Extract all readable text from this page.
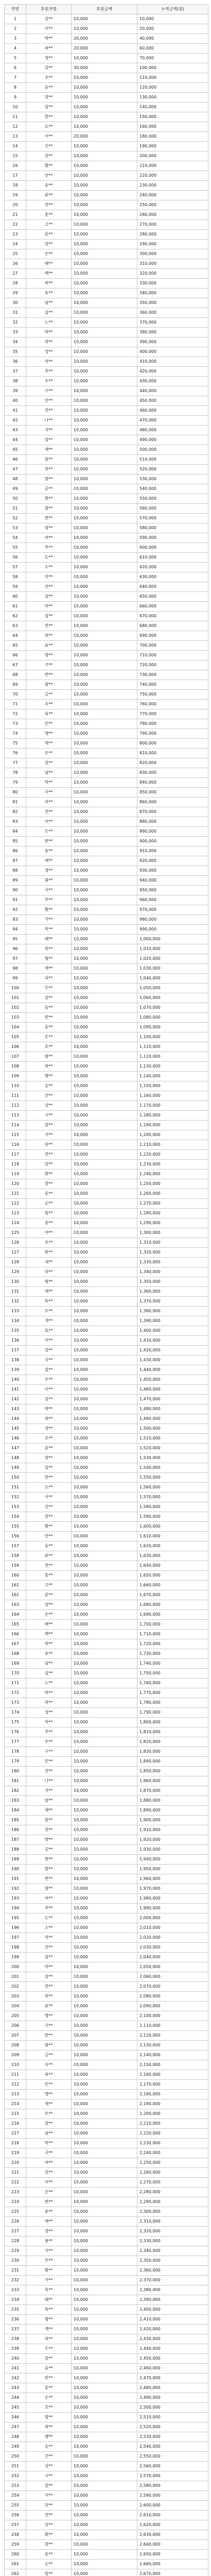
연번	후원자명	후원금액	누적금액(원)
1	김**	10,000	10,000
2	이**	10,000	20,000
3	박**	20,000	40,000
4	최**	20,000	60,000
5	정**	10,000	70,000
6	강**	30,000	100,000
7	조**	10,000	110,000
8	윤**	10,000	120,000
9	장**	10,000	130,000
10	임**	10,000	140,000
11	한**	10,000	150,000
12	오**	10,000	160,000
13	서**	20,000	180,000
14	신**	10,000	190,000
15	권**	10,000	200,000
16	황**	10,000	210,000
17	안**	10,000	220,000
18	송**	10,000	230,000
19	류**	10,000	240,000
20	전**	10,000	250,000
21	홍**	10,000	260,000
22	고**	10,000	270,000
23	문**	10,000	280,000
24	양**	10,000	290,000
25	손**	10,000	300,000
26	배**	10,000	310,000
27	백**	10,000	320,000
28	허**	10,000	330,000
29	유**	10,000	340,000
30	남**	10,000	350,000
31	심**	10,000	360,000
32	노**	10,000	370,000
33	하**	10,000	380,000
34	곽**	10,000	390,000
35	성**	10,000	400,000
36	차**	10,000	410,000
37	주**	10,000	420,000
38	우**	10,000	430,000
39	구**	10,000	440,000
40	민**	10,000	450,000
41	진**	10,000	460,000
42	나**	10,000	470,000
43	지**	10,000	480,000
44	엄**	10,000	490,000
45	채**	10,000	500,000
46	원**	10,000	510,000
47	천**	10,000	520,000
48	방**	10,000	530,000
49	공**	10,000	540,000
50	현**	10,000	550,000
51	함**	10,000	560,000
52	변**	10,000	570,000
53	염**	10,000	580,000
54	여**	10,000	590,000
55	추**	10,000	600,000
56	도**	10,000	610,000
57	소**	10,000	620,000
58	석**	10,000	630,000
59	선**	10,000	640,000
60	설**	10,000	650,000
61	마**	10,000	660,000
62	길**	10,000	670,000
63	연**	10,000	680,000
64	위**	10,000	690,000
65	표**	10,000	700,000
66	명**	10,000	710,000
67	기**	10,000	720,000
68	반**	10,000	730,000
69	왕**	10,000	740,000
70	금**	10,000	750,000
71	옥**	10,000	760,000
72	육**	10,000	770,000
73	인**	10,000	780,000
74	맹**	10,000	790,000
75	제**	10,000	800,000
76	모**	10,000	810,000
77	장**	10,000	820,000
78	남**	10,000	830,000
79	탁**	10,000	840,000
80	국**	10,000	850,000
81	여**	10,000	860,000
82	진**	10,000	870,000
83	어**	10,000	880,000
84	은**	10,000	890,000
85	편**	10,000	900,000
86	용**	10,000	910,000
87	예**	10,000	920,000
88	경**	10,000	930,000
89	봉**	10,000	940,000
90	사**	10,000	950,000
91	부**	10,000	960,000
92	황**	10,000	970,000
93	가**	10,000	980,000
94	복**	10,000	990,000
95	태**	10,000	1,000,000
96	목**	10,000	1,010,000
97	형**	10,000	1,020,000
98	계**	10,000	1,030,000
99	피**	10,000	1,040,000
100	두**	10,000	1,050,000
101	감**	10,000	1,060,000
102	음**	10,000	1,070,000
103	빈**	10,000	1,080,000
104	동**	10,000	1,090,000
105	온**	10,000	1,100,000
106	호**	10,000	1,110,000
107	범**	10,000	1,120,000
108	좌**	10,000	1,130,000
109	팽**	10,000	1,140,000
110	승**	10,000	1,150,000
111	간**	10,000	1,160,000
112	상**	10,000	1,170,000
113	시**	10,000	1,180,000
114	갈**	10,000	1,190,000
115	서**	10,000	1,200,000
116	단**	10,000	1,210,000
117	견**	10,000	1,220,000
118	당**	10,000	1,230,000
119	화**	10,000	1,240,000
120	창**	10,000	1,250,000
121	옹**	10,000	1,260,000
122	순**	10,000	1,270,000
123	빙**	10,000	1,280,000
124	종**	10,000	1,290,000
125	야**	10,000	1,300,000
126	초**	10,000	1,310,000
127	판**	10,000	1,320,000
128	내**	10,000	1,330,000
129	라**	10,000	1,340,000
130	평**	10,000	1,350,000
131	애**	10,000	1,360,000
132	독**	10,000	1,370,000
133	로**	10,000	1,380,000
134	개**	10,000	1,390,000
135	묘**	10,000	1,400,000
136	어**	10,000	1,410,000
137	강**	10,000	1,420,000
138	국**	10,000	1,430,000
139	설**	10,000	1,440,000
140	우**	10,000	1,450,000
141	이**	10,000	1,460,000
142	김**	10,000	1,470,000
143	박**	10,000	1,480,000
144	최**	10,000	1,490,000
145	정**	10,000	1,500,000
146	조**	10,000	1,510,000
147	윤**	10,000	1,520,000
148	장**	10,000	1,530,000
149	임**	10,000	1,540,000
150	한**	10,000	1,550,000
151	오**	10,000	1,560,000
152	서**	10,000	1,570,000
153	신**	10,000	1,580,000
154	권**	10,000	1,590,000
155	황**	10,000	1,600,000
156	안**	10,000	1,610,000
157	송**	10,000	1,620,000
158	류**	10,000	1,630,000
159	전**	10,000	1,640,000
160	홍**	10,000	1,650,000
161	고**	10,000	1,660,000
162	문**	10,000	1,670,000
163	양**	10,000	1,680,000
164	손**	10,000	1,690,000
165	배**	10,000	1,700,000
166	백**	10,000	1,710,000
167	허**	10,000	1,720,000
168	유**	10,000	1,730,000
169	남**	10,000	1,740,000
170	심**	10,000	1,750,000
171	노**	10,000	1,760,000
172	하**	10,000	1,770,000
173	곽**	10,000	1,780,000
174	성**	10,000	1,790,000
175	차**	10,000	1,800,000
176	주**	10,000	1,810,000
177	우**	10,000	1,820,000
178	구**	10,000	1,830,000
179	민**	10,000	1,840,000
180	진**	10,000	1,850,000
181	나**	10,000	1,860,000
182	지**	10,000	1,870,000
183	엄**	10,000	1,880,000
184	채**	10,000	1,890,000
185	원**	10,000	1,900,000
186	천**	10,000	1,910,000
187	방**	10,000	1,920,000
188	공**	10,000	1,930,000
189	현**	10,000	1,940,000
190	함**	10,000	1,950,000
191	변**	10,000	1,960,000
192	염**	10,000	1,970,000
193	여**	10,000	1,980,000
194	추**	10,000	1,990,000
195	도**	10,000	2,000,000
196	소**	10,000	2,010,000
197	석**	10,000	2,020,000
198	선**	10,000	2,030,000
199	설**	10,000	2,040,000
200	마**	10,000	2,050,000
201	길**	10,000	2,060,000
202	연**	10,000	2,070,000
203	위**	10,000	2,080,000
204	표**	10,000	2,090,000
205	명**	10,000	2,100,000
206	기**	10,000	2,110,000
207	반**	10,000	2,120,000
208	왕**	10,000	2,130,000
209	금**	10,000	2,140,000
210	옥**	10,000	2,150,000
211	육**	10,000	2,160,000
212	인**	10,000	2,170,000
213	맹**	10,000	2,180,000
214	제**	10,000	2,190,000
215	모**	10,000	2,200,000
216	장**	10,000	2,210,000
217	남**	10,000	2,220,000
218	탁**	10,000	2,230,000
219	국**	10,000	2,240,000
220	여**	10,000	2,250,000
221	진**	10,000	2,260,000
222	어**	10,000	2,270,000
223	은**	10,000	2,280,000
224	편**	10,000	2,290,000
225	용**	10,000	2,300,000
226	예**	10,000	2,310,000
227	경**	10,000	2,320,000
228	봉**	10,000	2,330,000
229	사**	10,000	2,340,000
230	부**	10,000	2,350,000
231	황**	10,000	2,360,000
232	가**	10,000	2,370,000
233	복**	10,000	2,380,000
234	태**	10,000	2,390,000
235	목**	10,000	2,400,000
236	형**	10,000	2,410,000
237	계**	10,000	2,420,000
238	피**	10,000	2,430,000
239	두**	10,000	2,440,000
240	감**	10,000	2,450,000
241	음**	10,000	2,460,000
242	빈**	10,000	2,470,000
243	동**	10,000	2,480,000
244	온**	10,000	2,490,000
245	호**	10,000	2,500,000
246	범**	10,000	2,510,000
247	좌**	10,000	2,520,000
248	팽**	10,000	2,530,000
249	승**	10,000	2,540,000
250	간**	10,000	2,550,000
251	상**	10,000	2,560,000
252	시**	10,000	2,570,000
253	갈**	10,000	2,580,000
254	서**	10,000	2,590,000
255	단**	10,000	2,600,000
256	견**	10,000	2,610,000
257	당**	10,000	2,620,000
258	화**	10,000	2,630,000
259	창**	10,000	2,640,000
260	옹**	10,000	2,650,000
261	순**	10,000	2,660,000
262	빙**	10,000	2,670,000
